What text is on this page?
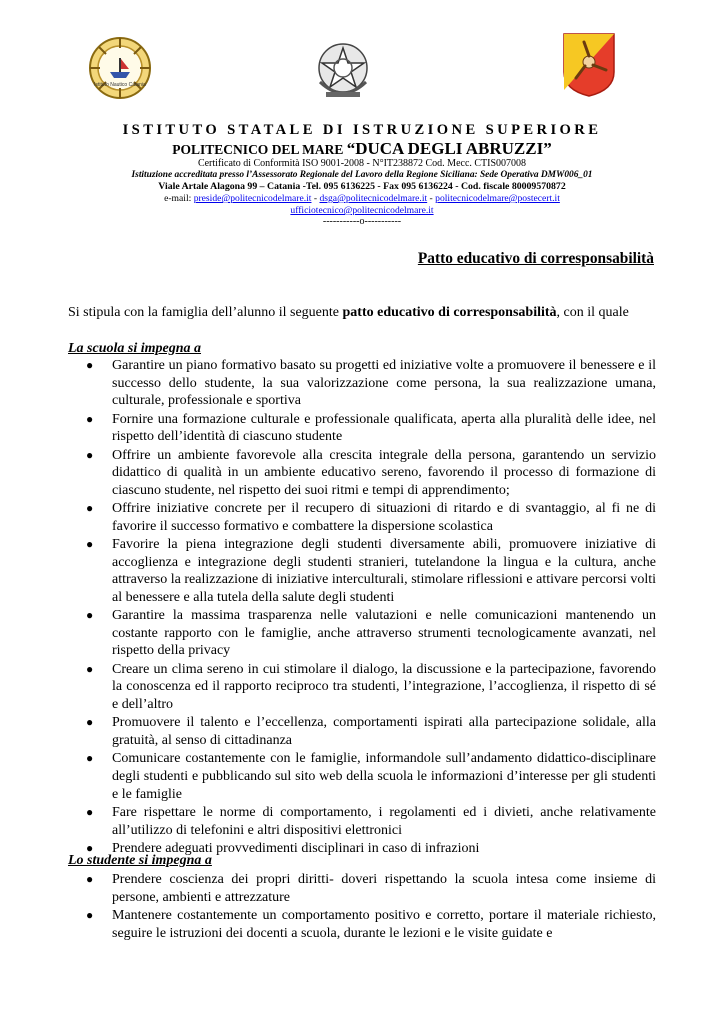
Istituto Nautico Catania
ISTITUTO STATALE DI ISTRUZIONE SUPERIORE
POLITECNICO DEL MARE “DUCA DEGLI ABRUZZI”
Certificato di Conformità ISO 9001-2008 - N°IT238872 Cod. Mecc. CTIS007008
Istituzione accreditata presso l’Assessorato Regionale del Lavoro della Regione Siciliana: Sede Operativa DMW006_01
Viale Artale Alagona 99 – Catania -Tel. 095 6136225 - Fax 095 6136224 - Cod. fiscale 80009570872
e-mail: preside@politecnicodelmare.it - dsga@politecnicodelmare.it - politecnicodelmare@postecert.it
ufficiotecnico@politecnicodelmare.it
-----------o-----------
Patto educativo di corresponsabilità
Si stipula con la famiglia dell’alunno il seguente patto educativo di corresponsabilità, con il quale
La scuola si impegna a
● Garantire un piano formativo basato su progetti ed iniziative volte a promuovere il benessere e il successo dello studente, la sua valorizzazione come persona, la sua realizzazione umana, culturale, professionale e sportiva
● Fornire una formazione culturale e professionale qualificata, aperta alla pluralità delle idee, nel rispetto dell’identità di ciascuno studente
● Offrire un ambiente favorevole alla crescita integrale della persona, garantendo un servizio didattico di qualità in un ambiente educativo sereno, favorendo il processo di formazione di ciascuno studente, nel rispetto dei suoi ritmi e tempi di apprendimento;
● Offrire iniziative concrete per il recupero di situazioni di ritardo e di svantaggio, al fi ne di favorire il successo formativo e combattere la dispersione scolastica
● Favorire la piena integrazione degli studenti diversamente abili, promuovere iniziative di accoglienza e integrazione degli studenti stranieri, tutelandone la lingua e la cultura, anche attraverso la realizzazione di iniziative interculturali, stimolare riflessioni e attivare percorsi volti al benessere e alla tutela della salute degli studenti
● Garantire la massima trasparenza nelle valutazioni e nelle comunicazioni mantenendo un costante rapporto con le famiglie, anche attraverso strumenti tecnologicamente avanzati, nel rispetto della privacy
● Creare un clima sereno in cui stimolare il dialogo, la discussione e la partecipazione, favorendo la conoscenza ed il rapporto reciproco tra studenti, l’integrazione, l’accoglienza, il rispetto di sé e dell’altro
● Promuovere il talento e l’eccellenza, comportamenti ispirati alla partecipazione solidale, alla gratuità, al senso di cittadinanza
● Comunicare costantemente con le famiglie, informandole sull’andamento didattico-disciplinare degli studenti e pubblicando sul sito web della scuola le informazioni d’interesse per gli studenti e le famiglie
● Fare rispettare le norme di comportamento, i regolamenti ed i divieti, anche relativamente all’utilizzo di telefonini e altri dispositivi elettronici
● Prendere adeguati provvedimenti disciplinari in caso di infrazioni
Lo studente si impegna a
● Prendere coscienza dei propri diritti- doveri rispettando la scuola intesa come insieme di persone, ambienti e attrezzature
● Mantenere costantemente un comportamento positivo e corretto, portare il materiale richiesto, seguire le istruzioni dei docenti a scuola, durante le lezioni e le visite guidate e
